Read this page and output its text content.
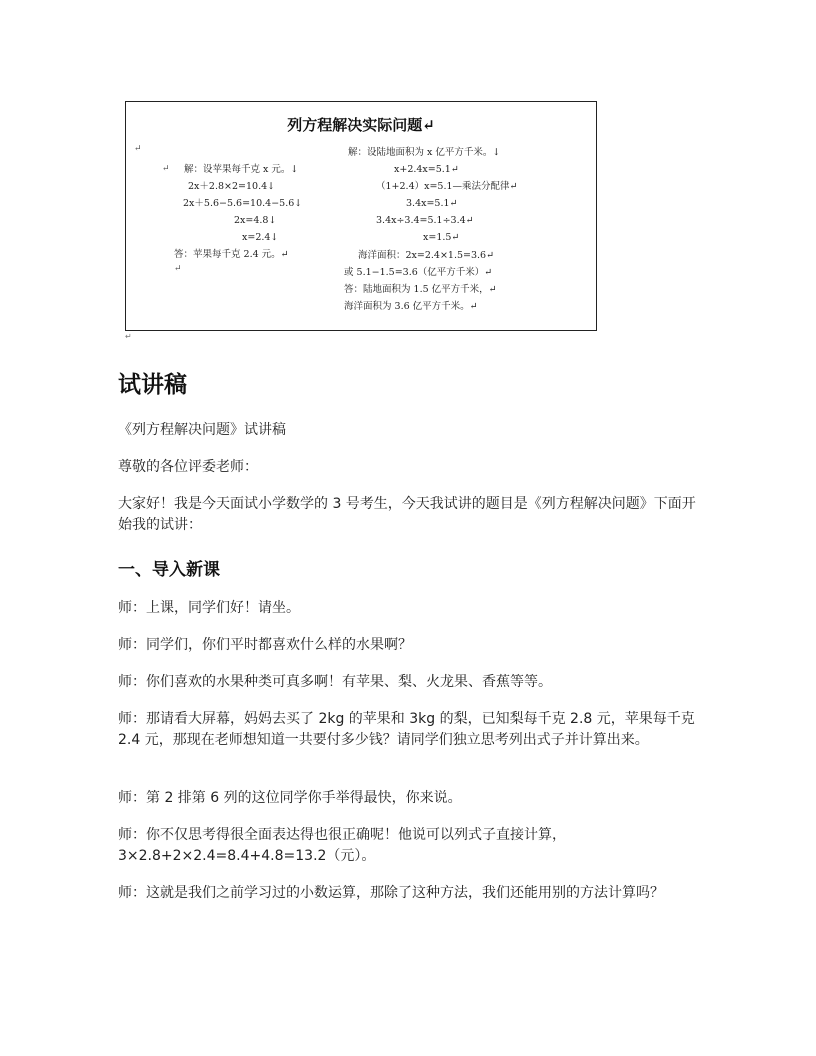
列方程解决实际问题↵
↵
↵ 解：设苹果每千克 x 元。↓
2x＋2.8×2=10.4↓
2x＋5.6−5.6=10.4−5.6↓
2x=4.8↓
x=2.4↓
答：苹果每千克 2.4 元。↵
↵
解：设陆地面积为 x 亿平方千米。↓
x+2.4x=5.1↵
（1+2.4）x=5.1—乘法分配律↵
3.4x=5.1↵
3.4x÷3.4=5.1÷3.4↵
x=1.5↵
海洋面积：2x=2.4×1.5=3.6↵
或 5.1−1.5=3.6（亿平方千米）↵
答：陆地面积为 1.5 亿平方千米，↵
海洋面积为 3.6 亿平方千米。↵
↵
试讲稿
《列方程解决问题》试讲稿
尊敬的各位评委老师：
大家好！我是今天面试小学数学的 3 号考生，今天我试讲的题目是《列方程解决问题》下面开始我的试讲：
一、导入新课
师：上课，同学们好！请坐。
师：同学们，你们平时都喜欢什么样的水果啊？
师：你们喜欢的水果种类可真多啊！有苹果、梨、火龙果、香蕉等等。
师：那请看大屏幕，妈妈去买了 2kg 的苹果和 3kg 的梨，已知梨每千克 2.8 元，苹果每千克 2.4 元，那现在老师想知道一共要付多少钱？请同学们独立思考列出式子并计算出来。
师：第 2 排第 6 列的这位同学你手举得最快，你来说。
师：你不仅思考得很全面表达得也很正确呢！他说可以列式子直接计算，3×2.8+2×2.4=8.4+4.8=13.2（元）。
师：这就是我们之前学习过的小数运算，那除了这种方法，我们还能用别的方法计算吗？
